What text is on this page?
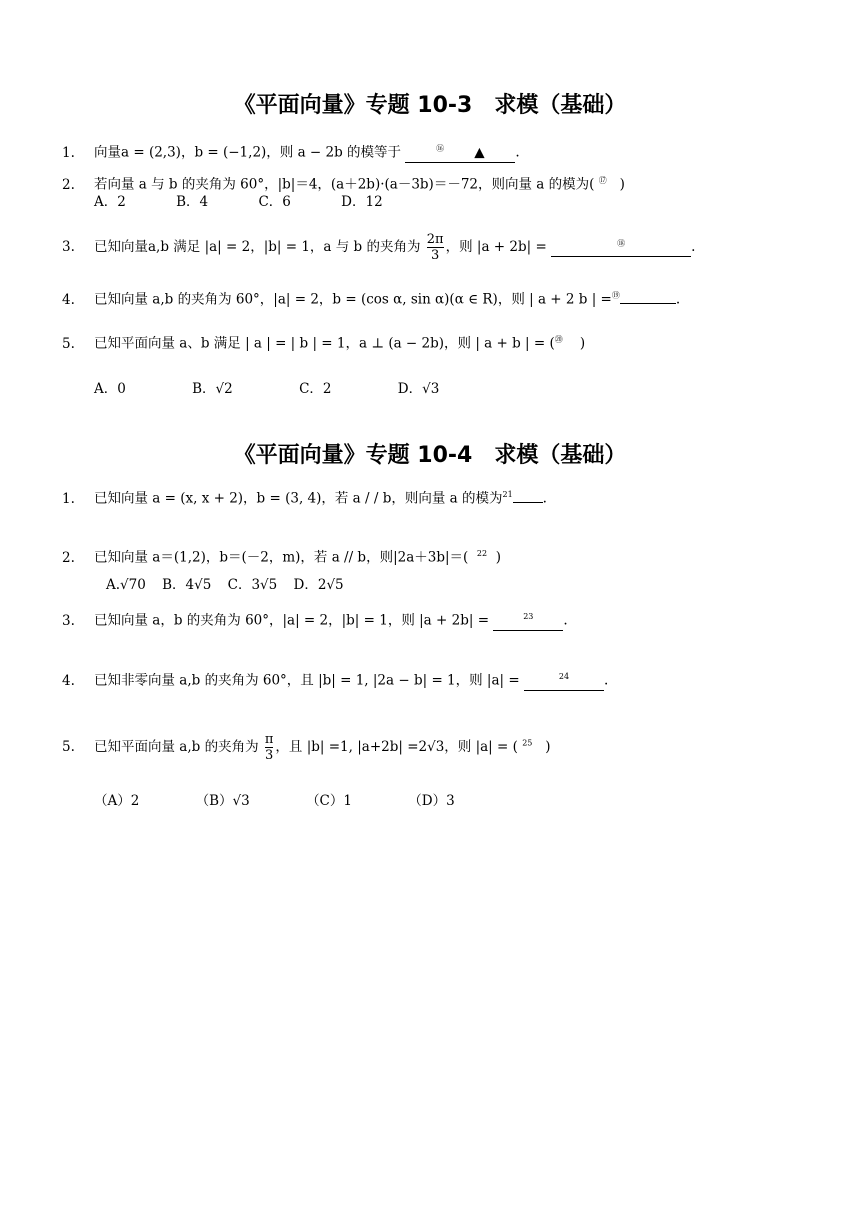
《平面向量》专题 10-3　求模（基础）
1. 向量a = (2,3)，b = (−1,2)，则 a − 2b 的模等于	⑯ ▲ .
2. 若向量 a 与 b 的夹角为 60°，|b|＝4，(a＋2b)·(a－3b)＝－72，则向量 a 的模为( ⑰ )
A．2	B．4	C．6	D．12
3. 已知向量a,b 满足 |a| = 2，|b| = 1，a 与 b 的夹角为 $\frac{2\pi}{3}$ ，则 |a + 2b| =	⑱	.
4. 已知向量 a,b 的夹角为 60°，|a| = 2，b = (cos α, sin α)(α ∈ R)，则 | a + 2 b | =⑲	.
5. 已知平面向量 a、b 满足 | a | = | b | = 1，a ⊥ (a − 2b)，则 | a + b | = (⑳ )
A．0	B．√2	C．2	D．√3
《平面向量》专题 10-4　求模（基础）
1. 已知向量 a = (x, x + 2)，b = (3, 4)，若 a / / b，则向量 a 的模为$^{21}$ .
2. 已知向量 a＝(1,2)，b＝(－2，m)，若 a // b，则|2a＋3b|＝( $^{22}$ )
A.√70 B．4√5 C．3√5 D．2√5
3. 已知向量 a，b 的夹角为 60°，|a| = 2，|b| = 1，则 |a + 2b| =	$^{23}$ .
4. 已知非零向量 a,b 的夹角为 60°，且 |b| = 1, |2a − b| = 1，则 |a| =	$^{24}$	.
5. 已知平面向量 a,b 的夹角为 $\frac{\pi}{3}$ ，且 |b| =1, |a+2b| =2√3，则 |a| = ( $^{25}$ )
（A）2	（B）√3	（C）1	（D）3
